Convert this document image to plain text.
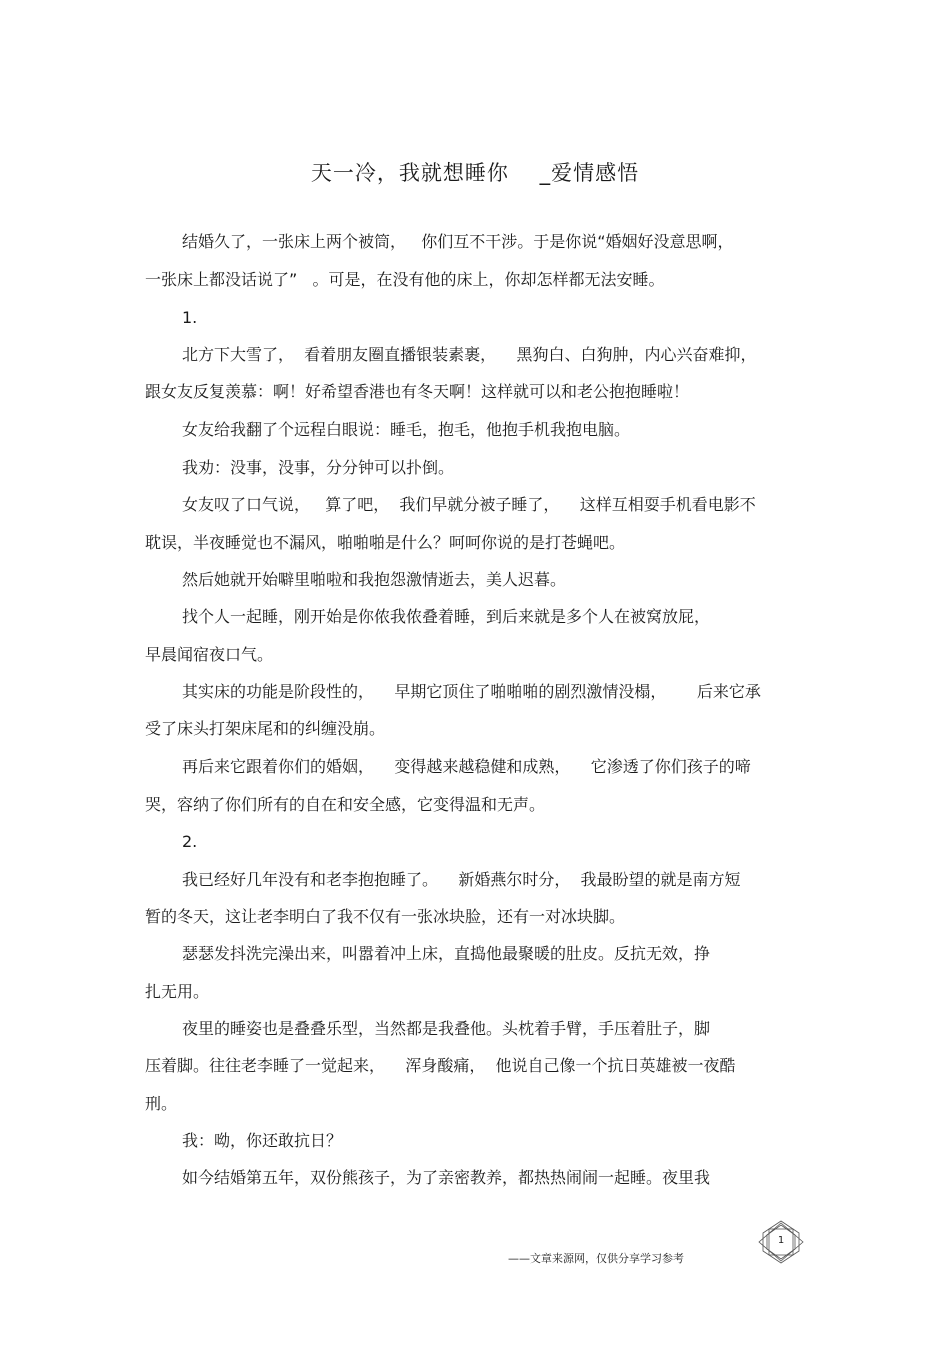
天一冷，我就想睡你    _爱情感悟
结婚久了，一张床上两个被筒，   你们互不干涉。于是你说“婚姻好没意思啊，
一张床上都没话说了”   。可是，在没有他的床上，你却怎样都无法安睡。
1.
北方下大雪了，  看着朋友圈直播银装素裹，    黑狗白、白狗肿，内心兴奋难抑，
跟女友反复羡慕：啊！好希望香港也有冬天啊！这样就可以和老公抱抱睡啦！
女友给我翻了个远程白眼说：睡毛，抱毛，他抱手机我抱电脑。
我劝：没事，没事，分分钟可以扑倒。
女友叹了口气说，   算了吧，  我们早就分被子睡了，    这样互相耍手机看电影不
耽误，半夜睡觉也不漏风，啪啪啪是什么？呵呵你说的是打苍蝇吧。
然后她就开始噼里啪啦和我抱怨激情逝去，美人迟暮。
找个人一起睡，刚开始是你侬我侬叠着睡，到后来就是多个人在被窝放屁，
早晨闻宿夜口气。
其实床的功能是阶段性的，    早期它顶住了啪啪啪的剧烈激情没榻，      后来它承
受了床头打架床尾和的纠缠没崩。
再后来它跟着你们的婚姻，    变得越来越稳健和成熟，    它渗透了你们孩子的啼
哭，容纳了你们所有的自在和安全感，它变得温和无声。
2.
我已经好几年没有和老李抱抱睡了。    新婚燕尔时分，  我最盼望的就是南方短
暂的冬天，这让老李明白了我不仅有一张冰块脸，还有一对冰块脚。
瑟瑟发抖洗完澡出来，叫嚣着冲上床，直捣他最聚暖的肚皮。反抗无效，挣
扎无用。
夜里的睡姿也是叠叠乐型，当然都是我叠他。头枕着手臂，手压着肚子，脚
压着脚。往往老李睡了一觉起来，    浑身酸痛，  他说自己像一个抗日英雄被一夜酷
刑。
我：呦，你还敢抗日？
如今结婚第五年，双份熊孩子，为了亲密教养，都热热闹闹一起睡。夜里我
——文章来源网，仅供分享学习参考
1
